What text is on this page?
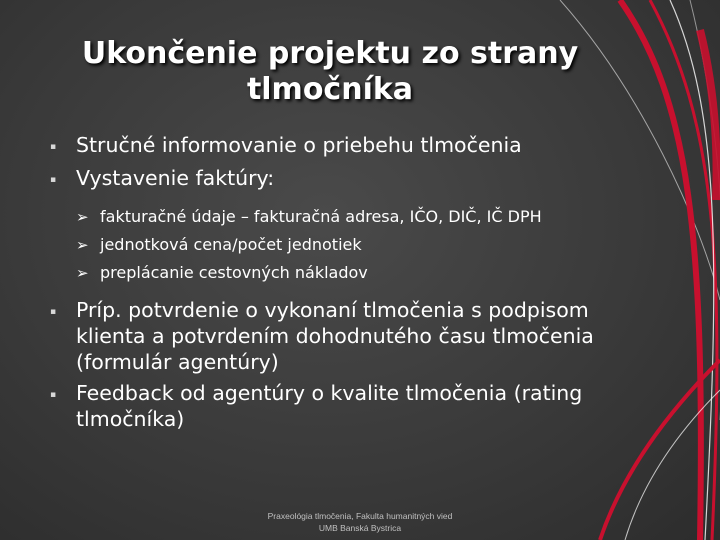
Ukončenie projektu zo strany tlmočníka
▪ Stručné informovanie o priebehu tlmočenia
▪ Vystavenie faktúry:
➢ fakturačné údaje – fakturačná adresa, IČO, DIČ, IČ DPH
➢ jednotková cena/počet jednotiek
➢ preplácanie cestovných nákladov
▪ Príp. potvrdenie o vykonaní tlmočenia s podpisom klienta a potvrdením dohodnutého času tlmočenia (formulár agentúry)
▪ Feedback od agentúry o kvalite tlmočenia (rating tlmočníka)
Praxeológia tlmočenia, Fakulta humanitných vied
UMB Banská Bystrica
